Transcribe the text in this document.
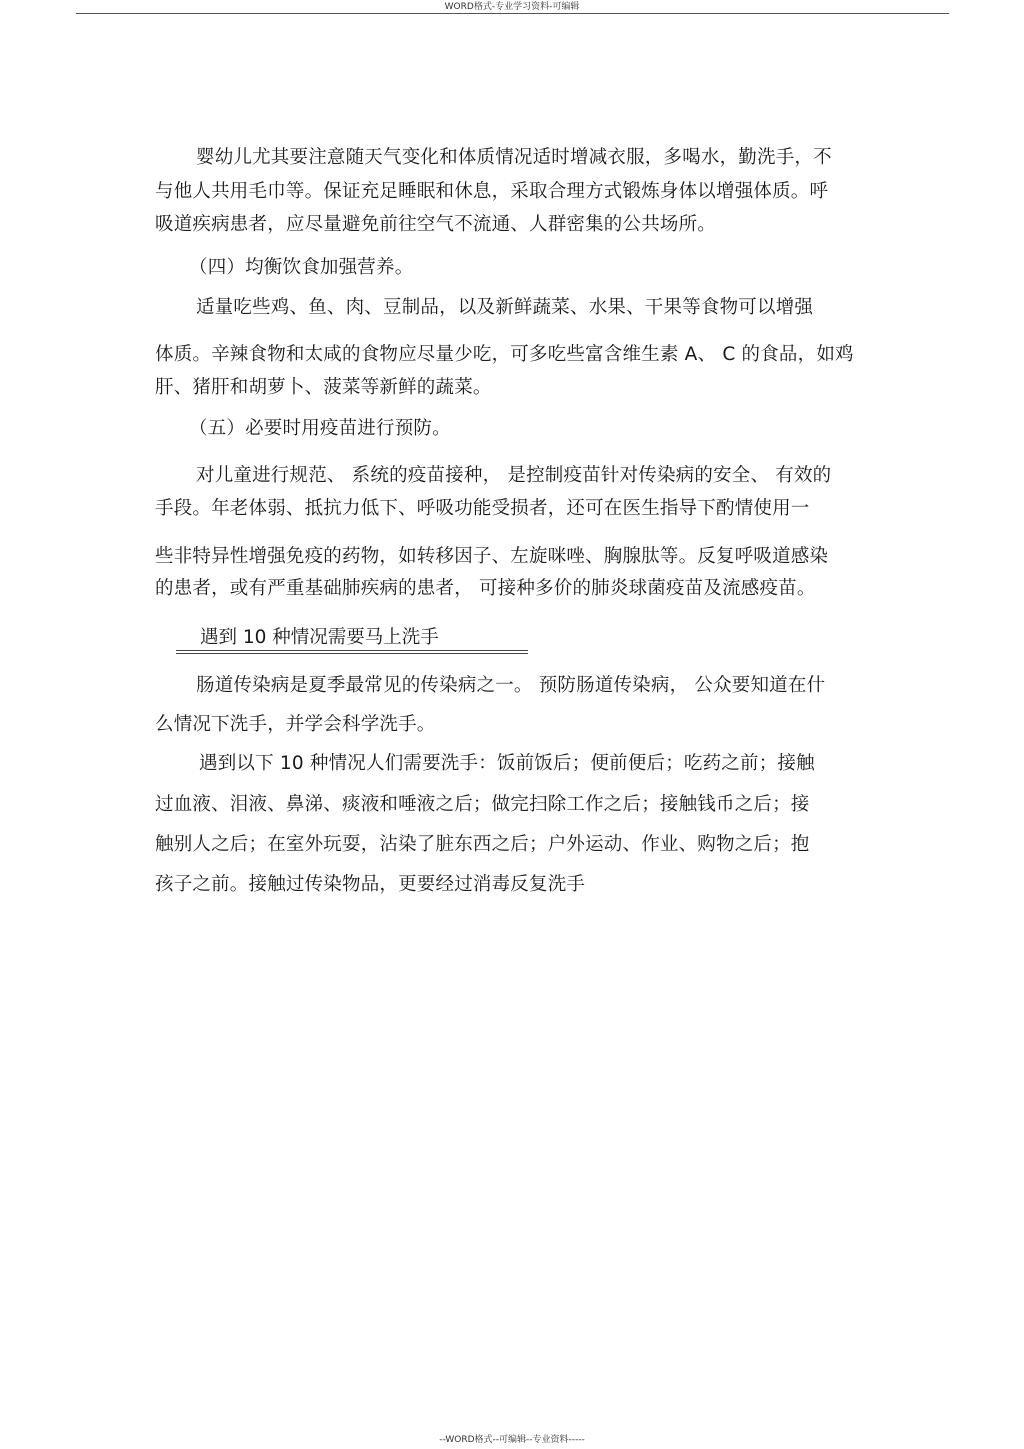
WORD格式-专业学习资料-可编辑
婴幼儿尤其要注意随天气变化和体质情况适时增减衣服，多喝水，勤洗手，不
与他人共用毛巾等。保证充足睡眠和休息，采取合理方式锻炼身体以增强体质。呼
吸道疾病患者，应尽量避免前往空气不流通、人群密集的公共场所。
（四）均衡饮食加强营养。
适量吃些鸡、鱼、肉、豆制品，以及新鲜蔬菜、水果、干果等食物可以增强
体质。辛辣食物和太咸的食物应尽量少吃，可多吃些富含维生素 A、 C 的食品，如鸡
肝、猪肝和胡萝卜、菠菜等新鲜的蔬菜。
（五）必要时用疫苗进行预防。
对儿童进行规范、 系统的疫苗接种， 是控制疫苗针对传染病的安全、 有效的
手段。年老体弱、抵抗力低下、呼吸功能受损者，还可在医生指导下酌情使用一
些非特异性增强免疫的药物，如转移因子、左旋咪唑、胸腺肽等。反复呼吸道感染
的患者，或有严重基础肺疾病的患者， 可接种多价的肺炎球菌疫苗及流感疫苗。
遇到 10 种情况需要马上洗手
肠道传染病是夏季最常见的传染病之一。 预防肠道传染病， 公众要知道在什
么情况下洗手，并学会科学洗手。
遇到以下 10 种情况人们需要洗手：饭前饭后；便前便后；吃药之前；接触
过血液、泪液、鼻涕、痰液和唾液之后；做完扫除工作之后；接触钱币之后；接
触别人之后；在室外玩耍，沾染了脏东西之后；户外运动、作业、购物之后；抱
孩子之前。接触过传染物品，更要经过消毒反复洗手
--WORD格式--可编辑--专业资料-----
